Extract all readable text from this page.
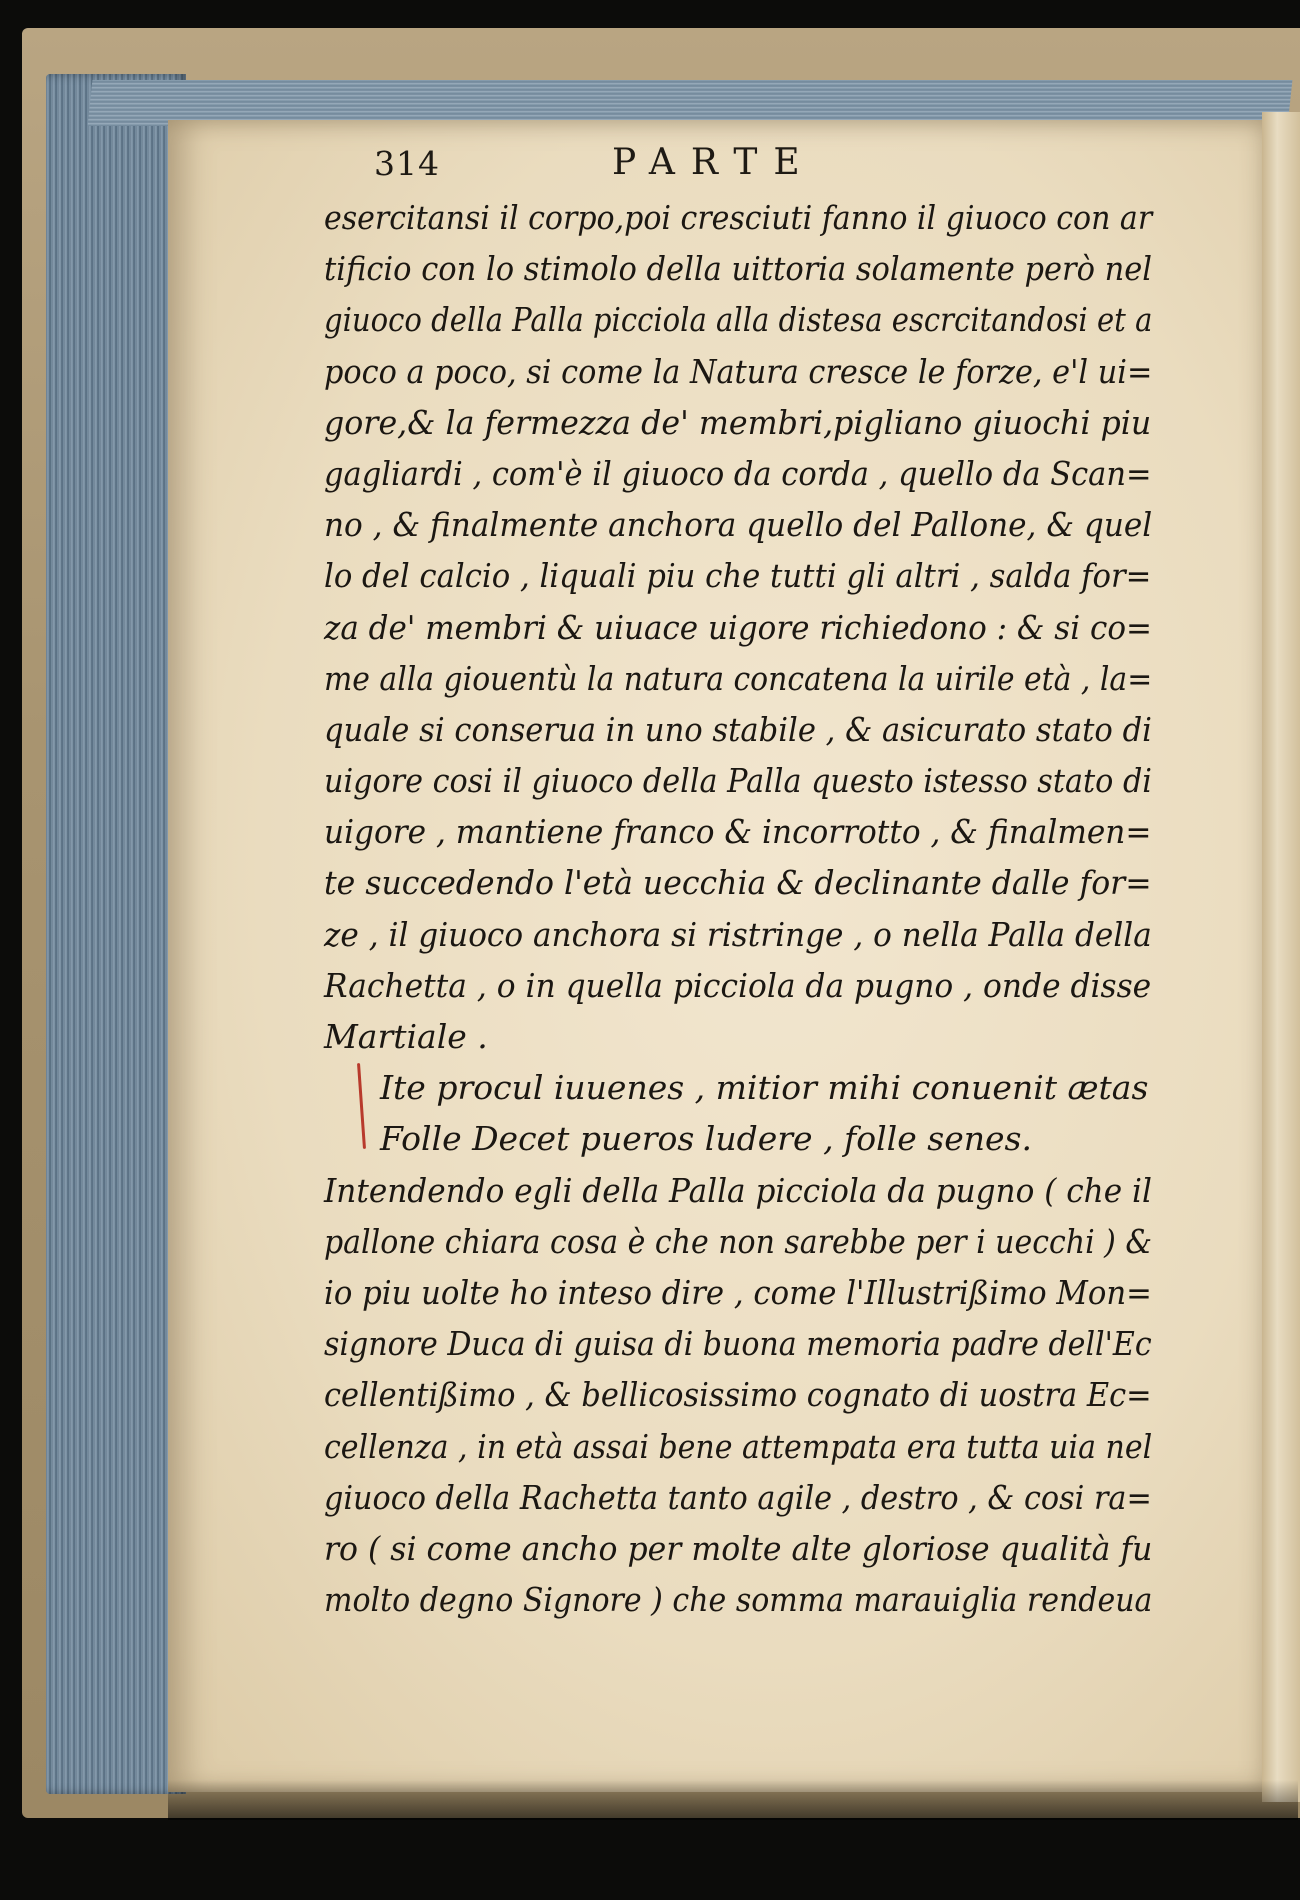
314	PARTE
esercitansi il corpo,poi cresciuti fanno il giuoco con ar
tificio con lo stimolo della uittoria solamente però nel
giuoco della Palla picciola alla distesa escrcitandosi et a
poco a poco, si come la Natura cresce le forze, e'l ui=
gore,& la fermezza de' membri,pigliano giuochi piu
gagliardi , com'è il giuoco da corda , quello da Scan=
no , & finalmente anchora quello del Pallone, & quel
lo del calcio , liquali piu che tutti gli altri , salda for=
za de' membri & uiuace uigore richiedono : & si co=
me alla giouentù la natura concatena la uirile età , la=
quale si conserua in uno stabile , & asicurato stato di
uigore cosi il giuoco della Palla questo istesso stato di
uigore , mantiene franco & incorrotto , & finalmen=
te succedendo l'età uecchia & declinante dalle for=
ze , il giuoco anchora si ristringe , o nella Palla della
Rachetta , o in quella picciola da pugno , onde disse
Martiale .
Ite procul iuuenes , mitior mihi conuenit ætas
Folle Decet pueros ludere , folle senes.
Intendendo egli della Palla picciola da pugno ( che il
pallone chiara cosa è che non sarebbe per i uecchi ) &
io piu uolte ho inteso dire , come l'Illustrißimo Mon=
signore Duca di guisa di buona memoria padre dell'Ec
cellentißimo , & bellicosissimo cognato di uostra Ec=
cellenza , in età assai bene attempata era tutta uia nel
giuoco della Rachetta tanto agile , destro , & cosi ra=
ro ( si come ancho per molte alte gloriose qualità fu
molto degno Signore ) che somma marauiglia rendeua
